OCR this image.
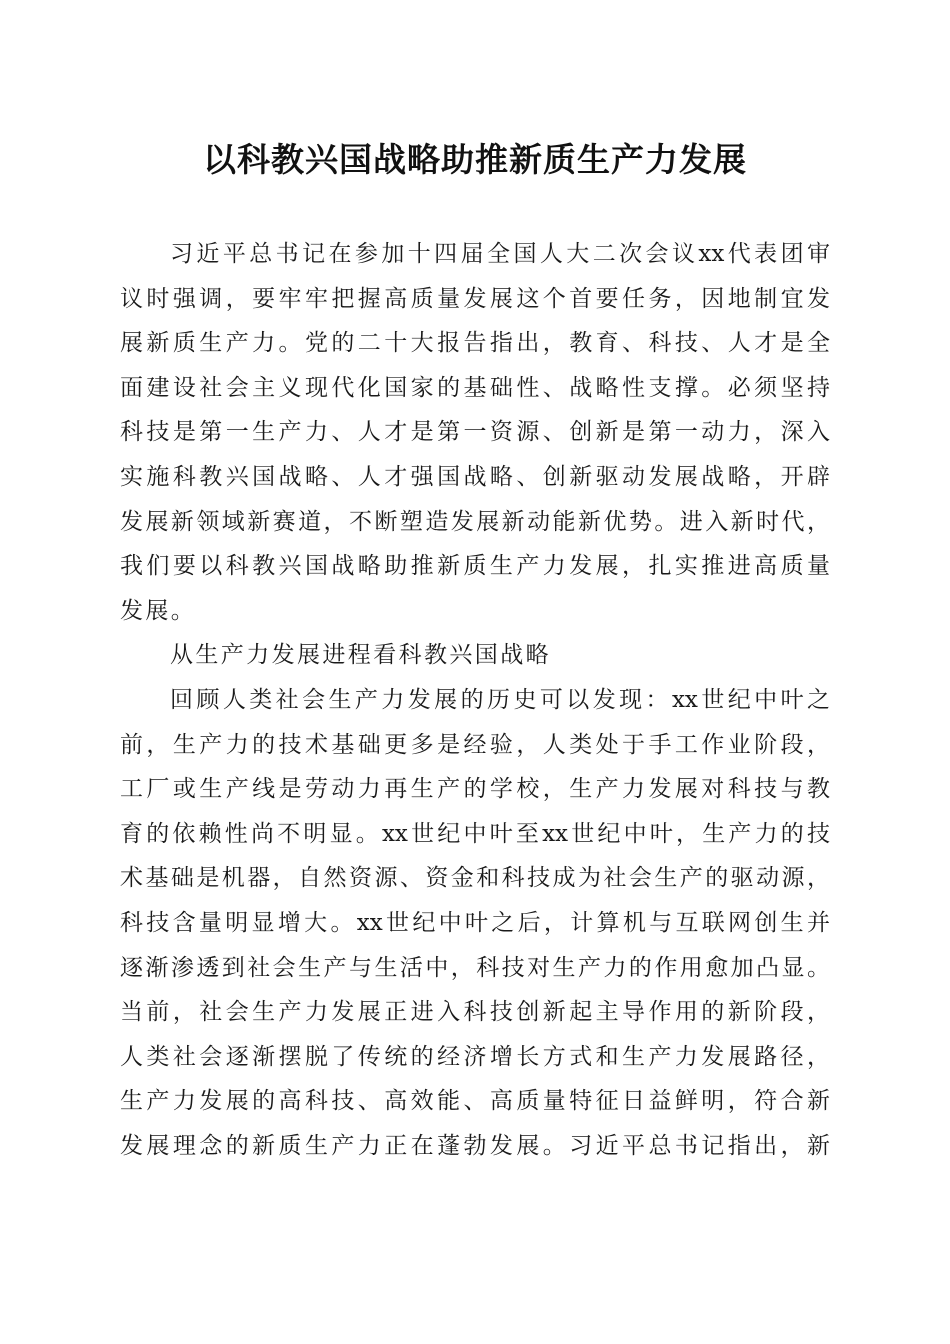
以科教兴国战略助推新质生产力发展
习近平总书记在参加十四届全国人大二次会议xx代表团审
议时强调，要牢牢把握高质量发展这个首要任务，因地制宜发
展新质生产力。党的二十大报告指出，教育、科技、人才是全
面建设社会主义现代化国家的基础性、战略性支撑。必须坚持
科技是第一生产力、人才是第一资源、创新是第一动力，深入
实施科教兴国战略、人才强国战略、创新驱动发展战略，开辟
发展新领域新赛道，不断塑造发展新动能新优势。进入新时代，
我们要以科教兴国战略助推新质生产力发展，扎实推进高质量
发展。
从生产力发展进程看科教兴国战略
回顾人类社会生产力发展的历史可以发现：xx世纪中叶之
前，生产力的技术基础更多是经验，人类处于手工作业阶段，
工厂或生产线是劳动力再生产的学校，生产力发展对科技与教
育的依赖性尚不明显。xx世纪中叶至xx世纪中叶，生产力的技
术基础是机器，自然资源、资金和科技成为社会生产的驱动源，
科技含量明显增大。xx世纪中叶之后，计算机与互联网创生并
逐渐渗透到社会生产与生活中，科技对生产力的作用愈加凸显。
当前，社会生产力发展正进入科技创新起主导作用的新阶段，
人类社会逐渐摆脱了传统的经济增长方式和生产力发展路径，
生产力发展的高科技、高效能、高质量特征日益鲜明，符合新
发展理念的新质生产力正在蓬勃发展。习近平总书记指出，新
